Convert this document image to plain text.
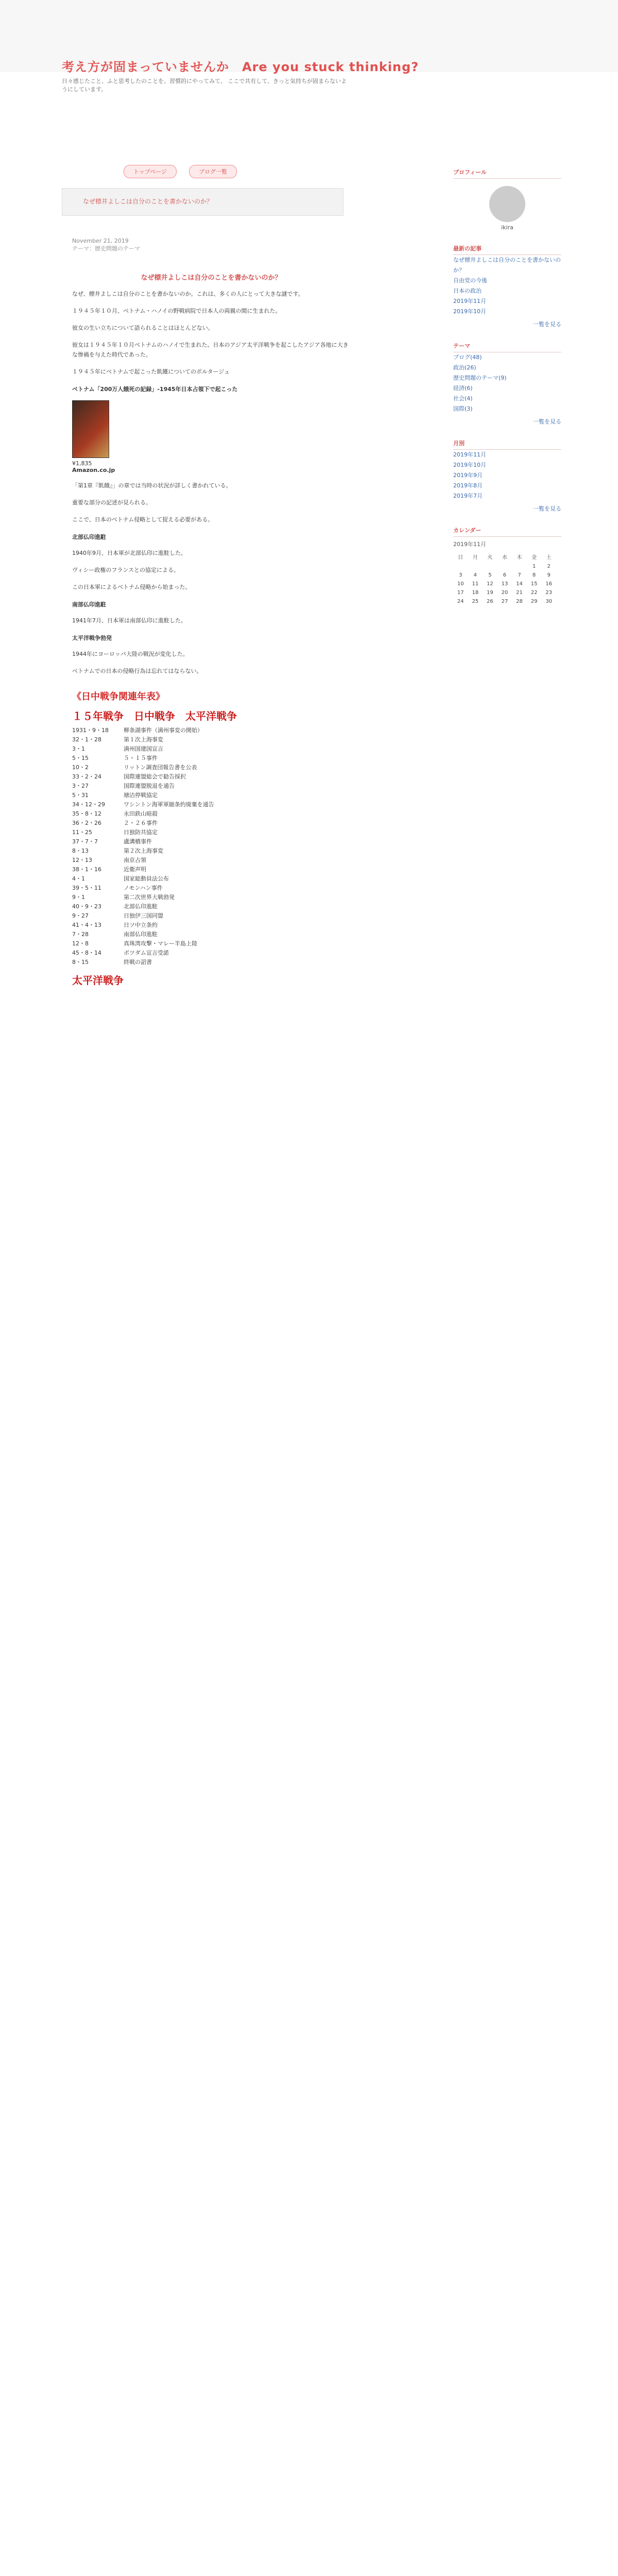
考え方が固まっていませんか　Are you stuck thinking?
日々感じたこと、ふと思考したのことを。習慣的にやってみて、 ここで共有して、きっと気持ちが固まらないようにしています。
トップページ	ブログ一覧
なぜ標井よしこは自分のことを書かないのか？
November 21, 2019
テーマ：歴史問題のテーマ
なぜ標井よしこは自分のことを書かないのか？

なぜ、標井よしこは自分のことを書かないのか。これは、多くの人にとって大きな謎です。

１９４５年１０月、ベトナム・ハノイの野戦病院で日本人の両親の間に生まれた。

彼女の生い立ちについて語られることはほとんどない。

彼女は１９４５年１０月ベトナムのハノイで生まれた。日本のアジア太平洋戦争を起こしたアジア各地に大きな惨禍を与えた時代であった。

１９４５年にベトナムで起こった飢饉についてのポルタージュ

ベトナム「200万人餓死の記録」-1945年日本占領下で起こった

¥1,835
Amazon.co.jp

「第1章『飢餓』」の章では当時の状況が詳しく書かれている。

重要な部分の記述が見られる。

ここで、日本のベトナム侵略として捉える必要がある。

北部仏印進駐

1940年9月、日本軍が北部仏印に進駐した。

ヴィシー政権のフランスとの協定による。

この日本軍によるベトナム侵略から始まった。

南部仏印進駐

1941年7月、日本軍は南部仏印に進駐した。

太平洋戦争勃発

1944年にヨーロッパ大陸の戦況が変化した。

ベトナムでの日本の侵略行為は忘れてはならない。

《日中戦争関連年表》
１５年戦争　日中戦争　太平洋戦争
1931・9・18	柳条湖事件（満州事変の開始）
32・1・28	第１次上海事変
3・1	満州国建国宣言
5・15	５・１５事件
10・2	リットン調査団報告書を公表
33・2・24	国際連盟総会で勧告採択
3・27	国際連盟脱退を通告
5・31	塘沽停戦協定
34・12・29	ワシントン海軍軍縮条約廃棄を通告
35・8・12	永田鉄山暗殺
36・2・26	２・２６事件
11・25	日独防共協定
37・7・7	盧溝橋事件
8・13	第２次上海事変
12・13	南京占領
38・1・16	近衛声明
4・1	国家総動員法公布
39・5・11	ノモンハン事件
9・1	第二次世界大戦勃発
40・9・23	北部仏印進駐
9・27	日独伊三国同盟
41・4・13	日ソ中立条約
7・28	南部仏印進駐
12・8	真珠湾攻撃・マレー半島上陸
45・8・14	ポツダム宣言受諾
8・15	終戦の詔書
太平洋戦争
プロフィール
ikira
最新の記事
なぜ標井よしこは自分のことを書かないのか？
自由党の今後
日本の政治
2019年11月
2019年10月
一覧を見る
テーマ
ブログ(48)
政治(26)
歴史問題のテーマ(9)
経済(6)
社会(4)
国際(3)
一覧を見る
月別
2019年11月
2019年10月
2019年9月
2019年8月
2019年7月
一覧を見る
カレンダー
2019年11月
日	月	火	水	木	金	土
					1	2
3	4	5	6	7	8	9
10	11	12	13	14	15	16
17	18	19	20	21	22	23
24	25	26	27	28	29	30
